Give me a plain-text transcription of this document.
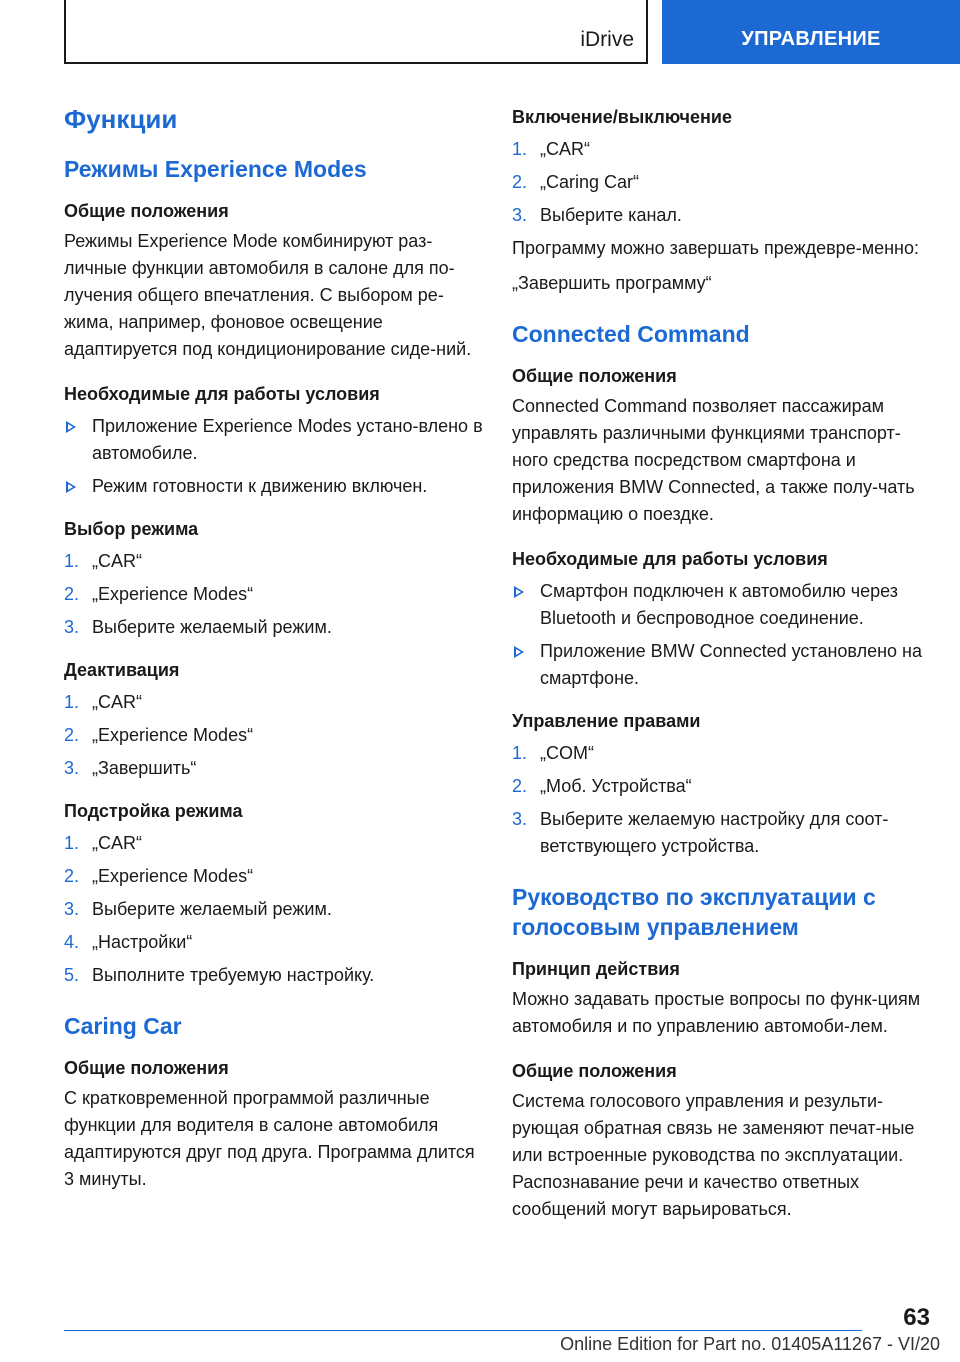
iDrive	УПРАВЛЕНИЕ
Функции
Режимы Experience Modes
Общие положения
Режимы Experience Mode комбинируют раз-личные функции автомобиля в салоне для по-лучения общего впечатления. С выбором ре-жима, например, фоновое освещение адаптируется под кондиционирование сиде-ний.
Необходимые для работы условия
Приложение Experience Modes устано-влено в автомобиле.
Режим готовности к движению включен.
Выбор режима
1. „CAR“
2. „Experience Modes“
3. Выберите желаемый режим.
Деактивация
1. „CAR“
2. „Experience Modes“
3. „Завершить“
Подстройка режима
1. „CAR“
2. „Experience Modes“
3. Выберите желаемый режим.
4. „Настройки“
5. Выполните требуемую настройку.
Caring Car
Общие положения
С кратковременной программой различные функции для водителя в салоне автомобиля адаптируются друг под друга. Программа длится 3 минуты.
Включение/выключение
1. „CAR“
2. „Caring Car“
3. Выберите канал.
Программу можно завершать преждевре-менно:
„Завершить программу“
Connected Command
Общие положения
Connected Command позволяет пассажирам управлять различными функциями транспорт-ного средства посредством смартфона и приложения BMW Connected, а также полу-чать информацию о поездке.
Необходимые для работы условия
Смартфон подключен к автомобилю через Bluetooth и беспроводное соединение.
Приложение BMW Connected установлено на смартфоне.
Управление правами
1. „COM“
2. „Моб. Устройства“
3. Выберите желаемую настройку для соот-ветствующего устройства.
Руководство по эксплуатации с голосовым управлением
Принцип действия
Можно задавать простые вопросы по функ-циям автомобиля и по управлению автомоби-лем.
Общие положения
Система голосового управления и результи-рующая обратная связь не заменяют печат-ные или встроенные руководства по эксплуатации. Распознавание речи и качество ответных сообщений могут варьироваться.
63
Online Edition for Part no. 01405A11267 - VI/20
